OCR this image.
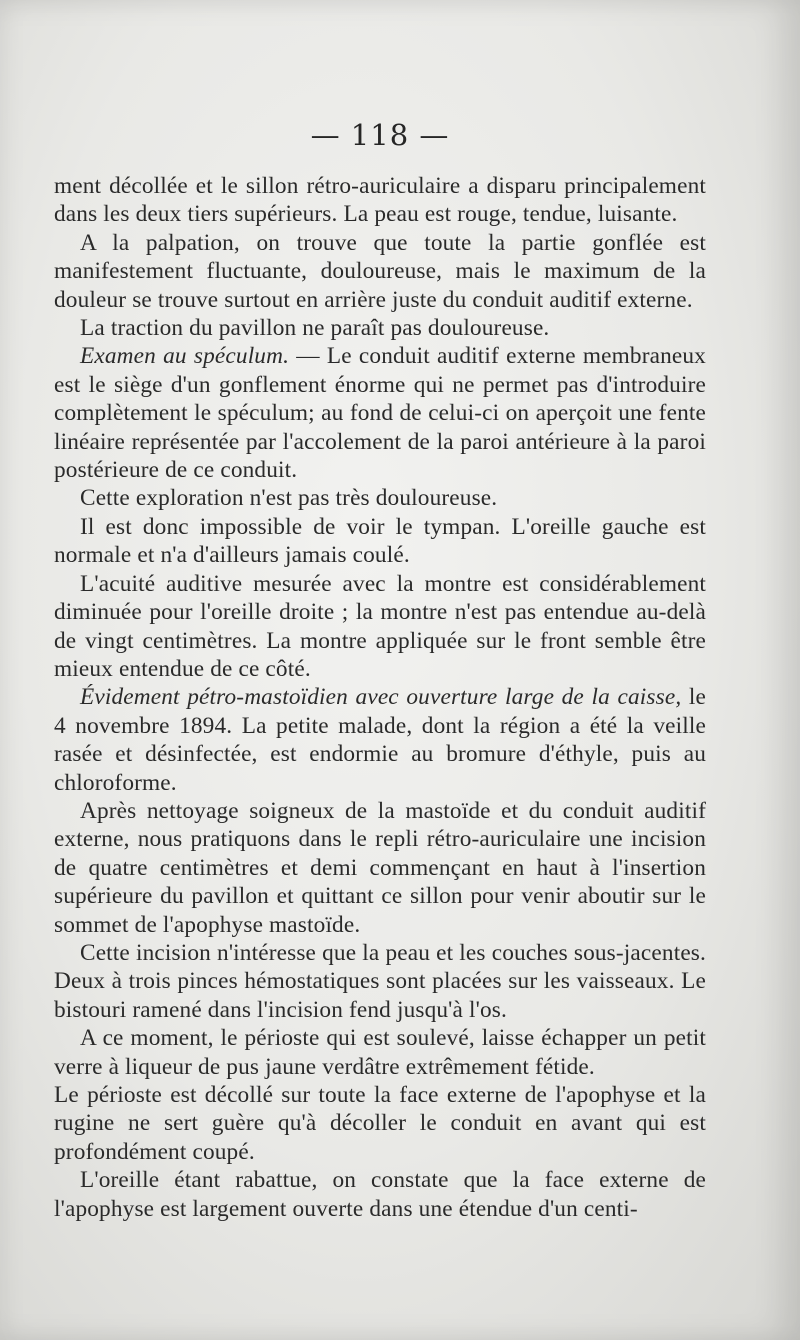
— 118 —

ment décollée et le sillon rétro-auriculaire a disparu principalement dans les deux tiers supérieurs. La peau est rouge, tendue, luisante.

A la palpation, on trouve que toute la partie gonflée est manifestement fluctuante, douloureuse, mais le maximum de la douleur se trouve surtout en arrière juste du conduit auditif externe.

La traction du pavillon ne paraît pas douloureuse.

Examen au spéculum. — Le conduit auditif externe membraneux est le siège d'un gonflement énorme qui ne permet pas d'introduire complètement le spéculum; au fond de celui-ci on aperçoit une fente linéaire représentée par l'accolement de la paroi antérieure à la paroi postérieure de ce conduit.

Cette exploration n'est pas très douloureuse.

Il est donc impossible de voir le tympan. L'oreille gauche est normale et n'a d'ailleurs jamais coulé.

L'acuité auditive mesurée avec la montre est considérablement diminuée pour l'oreille droite ; la montre n'est pas entendue au-delà de vingt centimètres. La montre appliquée sur le front semble être mieux entendue de ce côté.

Évidement pétro-mastoïdien avec ouverture large de la caisse, le 4 novembre 1894. La petite malade, dont la région a été la veille rasée et désinfectée, est endormie au bromure d'éthyle, puis au chloroforme.

Après nettoyage soigneux de la mastoïde et du conduit auditif externe, nous pratiquons dans le repli rétro-auriculaire une incision de quatre centimètres et demi commençant en haut à l'insertion supérieure du pavillon et quittant ce sillon pour venir aboutir sur le sommet de l'apophyse mastoïde.

Cette incision n'intéresse que la peau et les couches sous-jacentes. Deux à trois pinces hémostatiques sont placées sur les vaisseaux. Le bistouri ramené dans l'incision fend jusqu'à l'os.

A ce moment, le périoste qui est soulevé, laisse échapper un petit verre à liqueur de pus jaune verdâtre extrêmement fétide.

Le périoste est décollé sur toute la face externe de l'apophyse et la rugine ne sert guère qu'à décoller le conduit en avant qui est profondément coupé.

L'oreille étant rabattue, on constate que la face externe de l'apophyse est largement ouverte dans une étendue d'un centi-
